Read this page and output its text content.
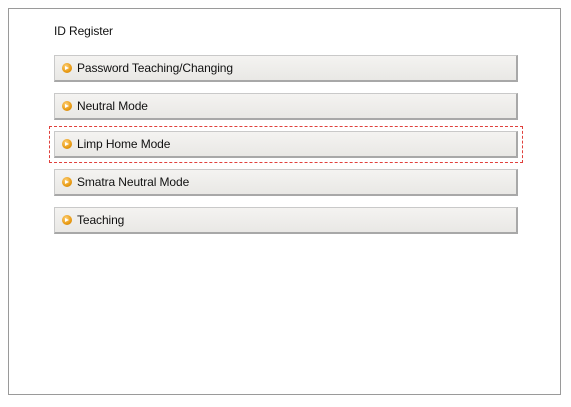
ID Register
Password Teaching/Changing
Neutral Mode
Limp Home Mode
Smatra Neutral Mode
Teaching
